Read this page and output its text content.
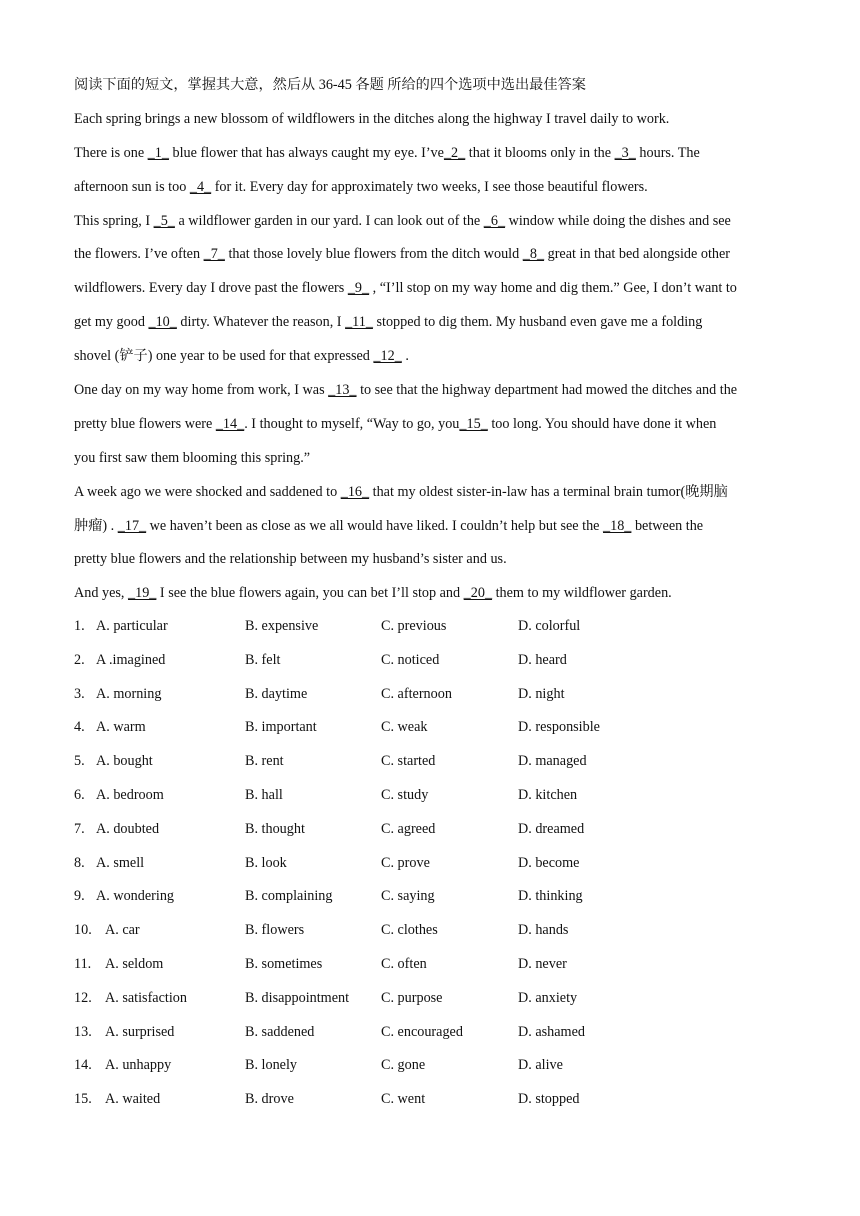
阅读下面的短文，掌握其大意，然后从 36-45 各题 所给的四个选项中选出最佳答案
Each spring brings a new blossom of wildflowers in the ditches along the highway I travel daily to work.
There is one _1_ blue flower that has always caught my eye. I’ve_2_ that it blooms only in the _3_ hours. The
afternoon sun is too _4_ for it. Every day for approximately two weeks, I see those beautiful flowers.
This spring, I _5_ a wildflower garden in our yard. I can look out of the _6_ window while doing the dishes and see
the flowers. I’ve often _7_ that those lovely blue flowers from the ditch would _8_ great in that bed alongside other
wildflowers. Every day I drove past the flowers _9_ , “I’ll stop on my way home and dig them.” Gee, I don’t want to
get my good _10_ dirty. Whatever the reason, I _11_ stopped to dig them. My husband even gave me a folding
shovel (铲子) one year to be used for that expressed _12_ .
One day on my way home from work, I was _13_ to see that the highway department had mowed the ditches and the
pretty blue flowers were _14_. I thought to myself, “Way to go, you_15_ too long. You should have done it when
you first saw them blooming this spring.”
A week ago we were shocked and saddened to _16_ that my oldest sister-in-law has a terminal brain tumor(晚期脑
肿瘤) . _17_ we haven’t been as close as we all would have liked. I couldn’t help but see the _18_ between the
pretty blue flowers and the relationship between my husband’s sister and us.
And yes, _19_ I see the blue flowers again, you can bet I’ll stop and _20_ them to my wildflower garden.
1. A. particular	B. expensive	C. previous	D. colorful
2. A .imagined	B. felt	C. noticed	D. heard
3. A. morning	B. daytime	C. afternoon	D. night
4. A. warm	B. important	C. weak	D. responsible
5. A. bought	B. rent	C. started	D. managed
6. A. bedroom	B. hall	C. study	D. kitchen
7. A. doubted	B. thought	C. agreed	D. dreamed
8. A. smell	B. look	C. prove	D. become
9. A. wondering	B. complaining	C. saying	D. thinking
10. A. car	B. flowers	C. clothes	D. hands
11. A. seldom	B. sometimes	C. often	D. never
12. A. satisfaction	B. disappointment C. purpose	D. anxiety
13. A. surprised	B. saddened	C. encouraged	D. ashamed
14. A. unhappy	B. lonely	C. gone	D. alive
15. A. waited	B. drove	C. went	D. stopped
